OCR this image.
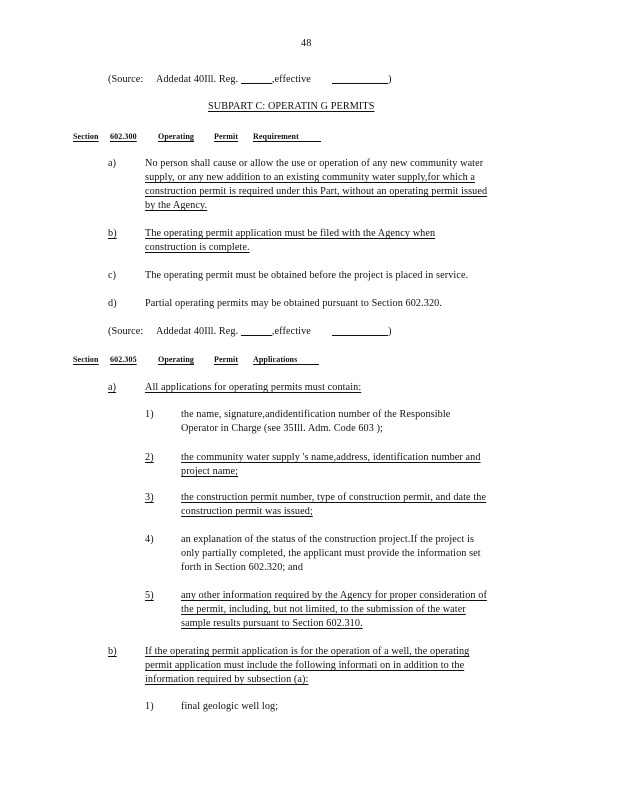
48
(Source: Addedat 40Ill. Reg.	,effective	)
SUBPART C: OPERATIN G PERMITS
Section 602.300	Operating Permit Requirement
a)	No person shall cause or allow the use or operation of any new community water
supply, or any new addition to an existing community water supply,for which a
construction permit is required under this Part, without an operating permit issued
by the Agency.
b)	The operating permit application must be filed with the Agency when
construction is complete.
c)	The operating permit must be obtained before the project is placed in service.
d)	Partial operating permits may be obtained pursuant to Section 602.320.
(Source: Addedat 40Ill. Reg.	,effective	)
Section 602.305	Operating Permit Applications
a)	All applications for operating permits must contain:
1)	the name, signature,andidentification number of the Responsible
Operator in Charge (see 35Ill. Adm. Code 603 );
2)	the community water supply 's name,address, identification number and
project name;
3)	the construction permit number, type of construction permit, and date the
construction permit was issued;
4)	an explanation of the status of the construction project.If the project is
only partially completed, the applicant must provide the information set
forth in Section 602.320; and
5)	any other information required by the Agency for proper consideration of
the permit, including, but not limited, to the submission of the water
sample results pursuant to Section 602.310.
b)	If the operating permit application is for the operation of a well, the operating
permit application must include the following informati on in addition to the
information required by subsection (a):
1)	final geologic well log;
